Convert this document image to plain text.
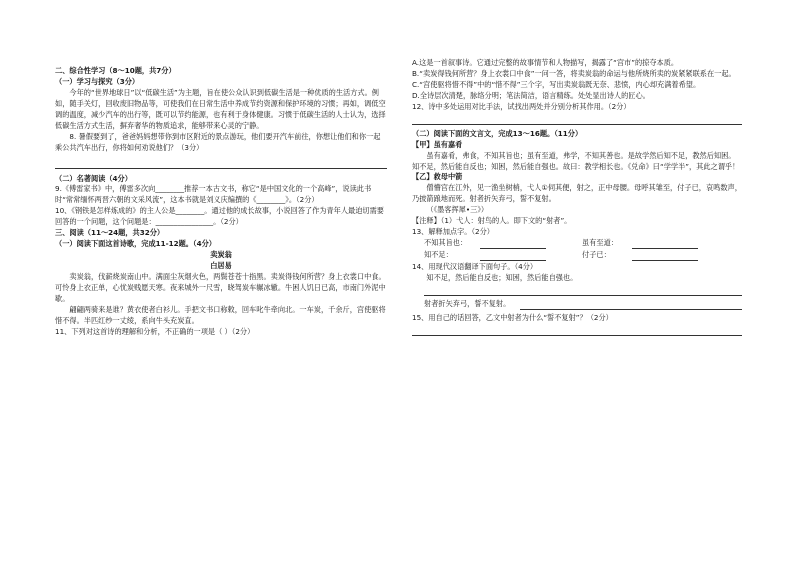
二、综合性学习（8～10题，共7分）

（一）学习与探究（3分）

今年的“世界地球日”以“低碳生活”为主题，旨在使公众认识到低碳生活是一种优质的生活方式。例如，随手关灯，回收废旧物品等，可使我们在日常生活中养成节约资源和保护环境的习惯；再如，调低空调的温度，减少汽车的出行等，既可以节约能源，也有利于身体健康。习惯于低碳生活的人士认为，选择低碳生活方式生活，摒弃奢华的物质追求，能够带来心灵的宁静。

8. 暑假要到了，爸爸妈妈想带你到市区附近的景点游玩，他们要开汽车前往，你想让他们和你一起乘公共汽车出行，你将如何劝说他们？（3分）

（二）名著阅读（4分）

9.《傅雷家书》中，傅雷多次向________推荐一本古文书，称它“是中国文化的一个高峰”，说读此书时“常常缅怀两晋六朝的文采风流”，这本书就是刘义庆编撰的《________》。（2分）

10、《钢铁是怎样炼成的》的主人公是________。通过他的成长故事，小说回答了作为青年人最迫切需要回答的一个问题，这个问题是：________________。（2分）

三、阅读（11～24题，共32分）

（一）阅读下面这首诗歌，完成11-12题。（4分）

卖炭翁

白居易

卖炭翁，伐薪烧炭南山中。满面尘灰烟火色，两鬓苍苍十指黑。卖炭得钱何所营？身上衣裳口中食。可怜身上衣正单，心忧炭贱愿天寒。夜来城外一尺雪，晓驾炭车辗冰辙。牛困人饥日已高，市南门外泥中歇。

翩翩两骑来是谁？黄衣使者白衫儿。手把文书口称敕，回车叱牛牵向北。一车炭，千余斤，宫使驱将惜不得。半匹红纱一丈绫，系向牛头充炭直。

11、下列对这首诗的理解和分析，不正确的一项是（ ）（2分）

A.这是一首叙事诗。它通过完整的故事情节和人物描写，揭露了“宫市”的掠夺本质。

B.“卖炭得钱何所营？身上衣裳口中食”一问一答，将卖炭翁的命运与他所烧所卖的炭紧紧联系在一起。

C.“宫使驱将惜不得”中的“惜不得”三个字，写出卖炭翁既无奈、悲愤，内心却充满着希望。

D.全诗层次清楚，脉络分明；笔法简洁，语言精练。处处显出诗人的匠心。

12、诗中多处运用对比手法，试找出两处并分别分析其作用。（2分）

（二）阅读下面的文言文，完成13～16题。（11分）

【甲】虽有嘉肴

虽有嘉肴，弗食，不知其旨也；虽有至道，弗学，不知其善也。是故学然后知不足，教然后知困。知不足，然后能自反也；知困，然后能自强也。故曰：教学相长也。《兑命》曰“学学半”，其此之谓乎！

【乙】救母中箭

僧懵宫在江外，见一渔坐树梢，弋人①伺其便，射之，正中母腰。母呼其雏至，付子已，哀鸣数声，乃披箭踉地而死。射者折矢弃弓，誓不复射。

（《墨客挥犀•三》）

【注释】（1）弋人：射鸟的人。即下文的“射者”。

13、解释加点字。（2分）

不知其旨也：	虽有至道：
知不足：	付子已：

14、用现代汉语翻译下面句子。（4分）

知不足，然后能自反也；知困，然后能自强也。

射者折矢弃弓，誓不复射。

15、用自己的话回答，乙文中射者为什么“誓不复射”？（2分）
